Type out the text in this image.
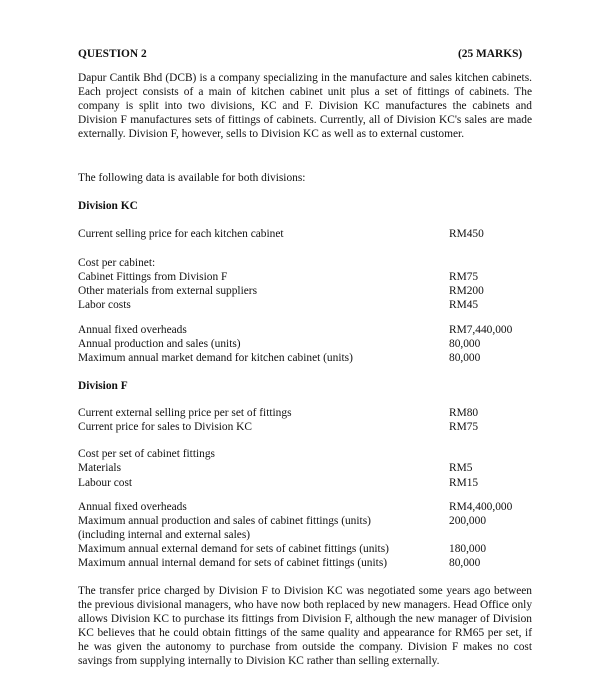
QUESTION 2	(25 MARKS)
Dapur Cantik Bhd (DCB) is a company specializing in the manufacture and sales kitchen cabinets. Each project consists of a main of kitchen cabinet unit plus a set of fittings of cabinets. The company is split into two divisions, KC and F. Division KC manufactures the cabinets and Division F manufactures sets of fittings of cabinets. Currently, all of Division KC's sales are made externally. Division F, however, sells to Division KC as well as to external customer.
The following data is available for both divisions:
Division KC
Current selling price for each kitchen cabinet	RM450
Cost per cabinet:
Cabinet Fittings from Division F	RM75
Other materials from external suppliers	RM200
Labor costs	RM45
Annual fixed overheads	RM7,440,000
Annual production and sales (units)	80,000
Maximum annual market demand for kitchen cabinet (units)	80,000
Division F
Current external selling price per set of fittings	RM80
Current price for sales to Division KC	RM75
Cost per set of cabinet fittings
Materials	RM5
Labour cost	RM15
Annual fixed overheads	RM4,400,000
Maximum annual production and sales of cabinet fittings (units)	200,000
(including internal and external sales)
Maximum annual external demand for sets of cabinet fittings (units)	180,000
Maximum annual internal demand for sets of cabinet fittings (units)	80,000
The transfer price charged by Division F to Division KC was negotiated some years ago between the previous divisional managers, who have now both replaced by new managers. Head Office only allows Division KC to purchase its fittings from Division F, although the new manager of Division KC believes that he could obtain fittings of the same quality and appearance for RM65 per set, if he was given the autonomy to purchase from outside the company. Division F makes no cost savings from supplying internally to Division KC rather than selling externally.
